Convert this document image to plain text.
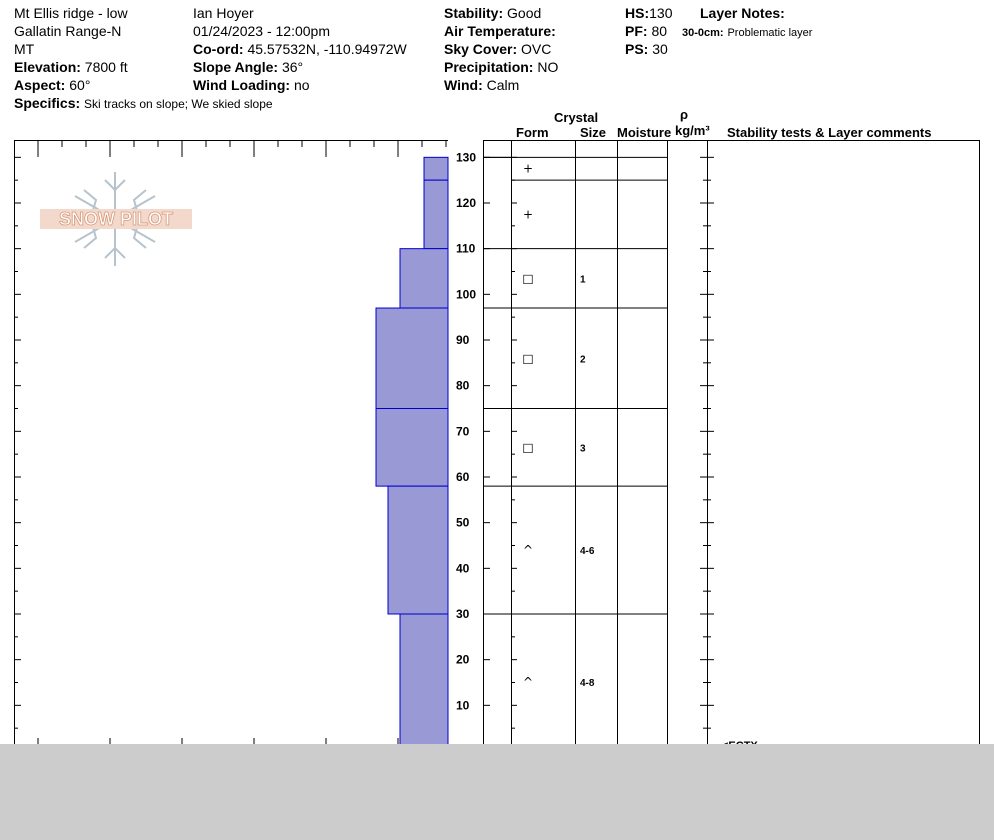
Mt Ellis ridge - low
Gallatin Range-N
MT
Elevation: 7800 ft
Aspect: 60°
Specifics: Ski tracks on slope; We skied slope
Ian Hoyer
01/24/2023 - 12:00pm
Co-ord: 45.57532N, -110.94972W
Slope Angle: 36°
Wind Loading: no
Stability: Good
Air Temperature:
Sky Cover: OVC
Precipitation: NO
Wind: Calm
HS:130
PF: 80
PS: 30
Layer Notes:
30-0cm: Problematic layer
Crystal
Form Size Moisture
ρ
kg/m³ Stability tests & Layer comments
SNOW PILOT
10
20
30
40
50
60
70
80
90
100
110
120
130
+
+
□	1
□	2
□	3
^	4-6
^	4-8
